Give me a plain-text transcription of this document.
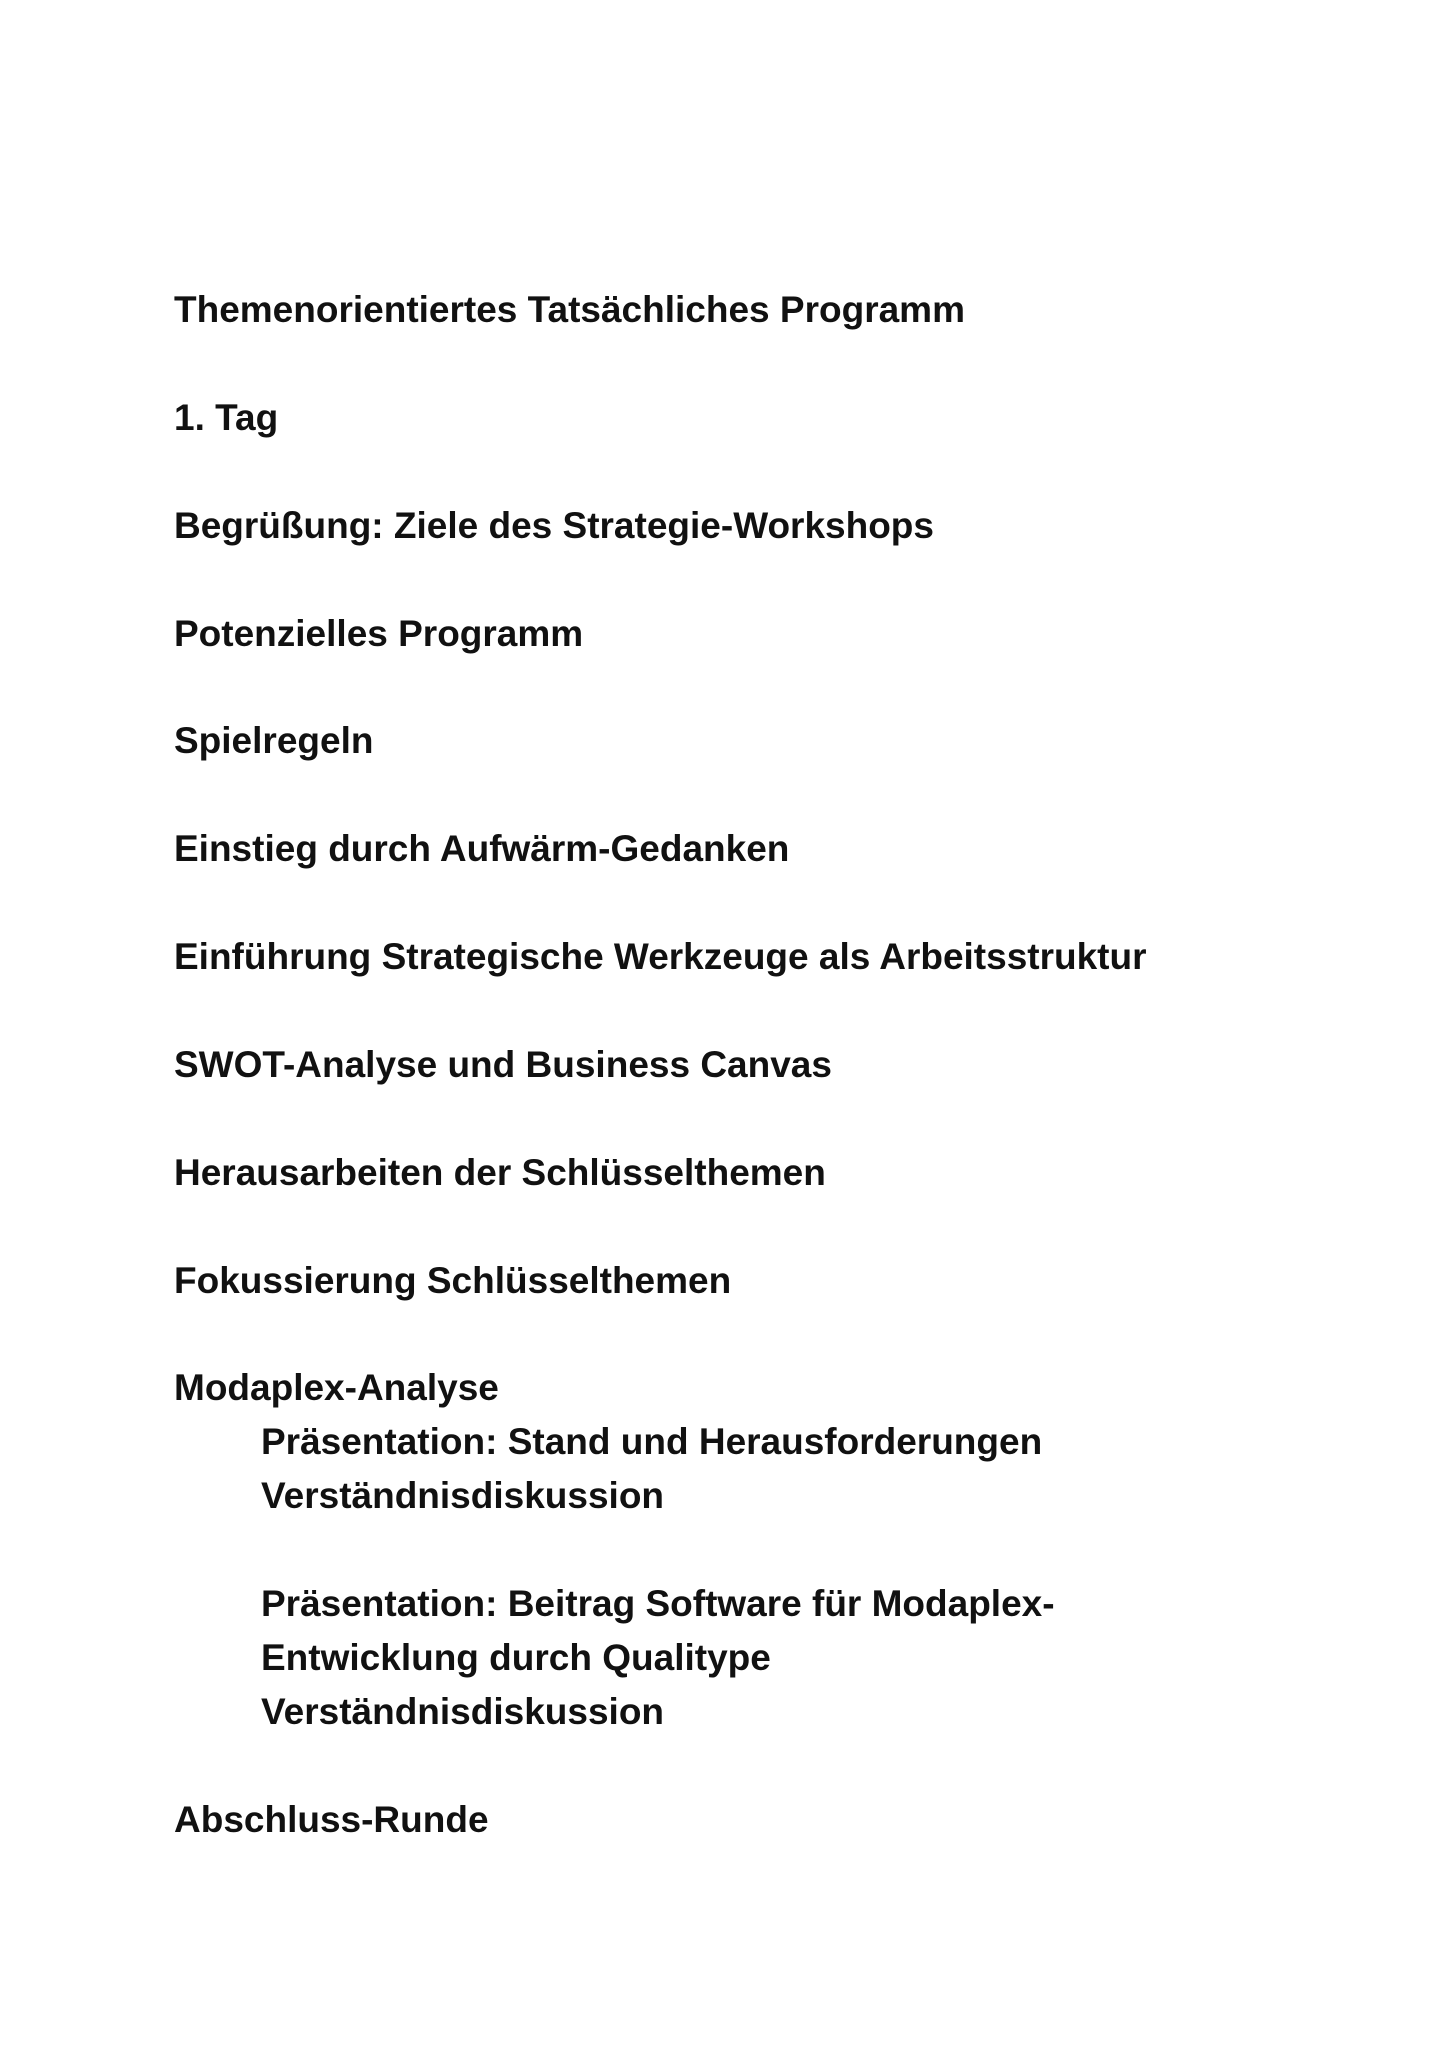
Themenorientiertes Tatsächliches Programm
1. Tag
Begrüßung: Ziele des Strategie-Workshops
Potenzielles Programm
Spielregeln
Einstieg durch Aufwärm-Gedanken
Einführung Strategische Werkzeuge als Arbeitsstruktur
SWOT-Analyse und Business Canvas
Herausarbeiten der Schlüsselthemen
Fokussierung Schlüsselthemen
Modaplex-Analyse
Präsentation: Stand und Herausforderungen
Verständnisdiskussion
Präsentation: Beitrag Software für Modaplex-
Entwicklung durch Qualitype
Verständnisdiskussion
Abschluss-Runde
